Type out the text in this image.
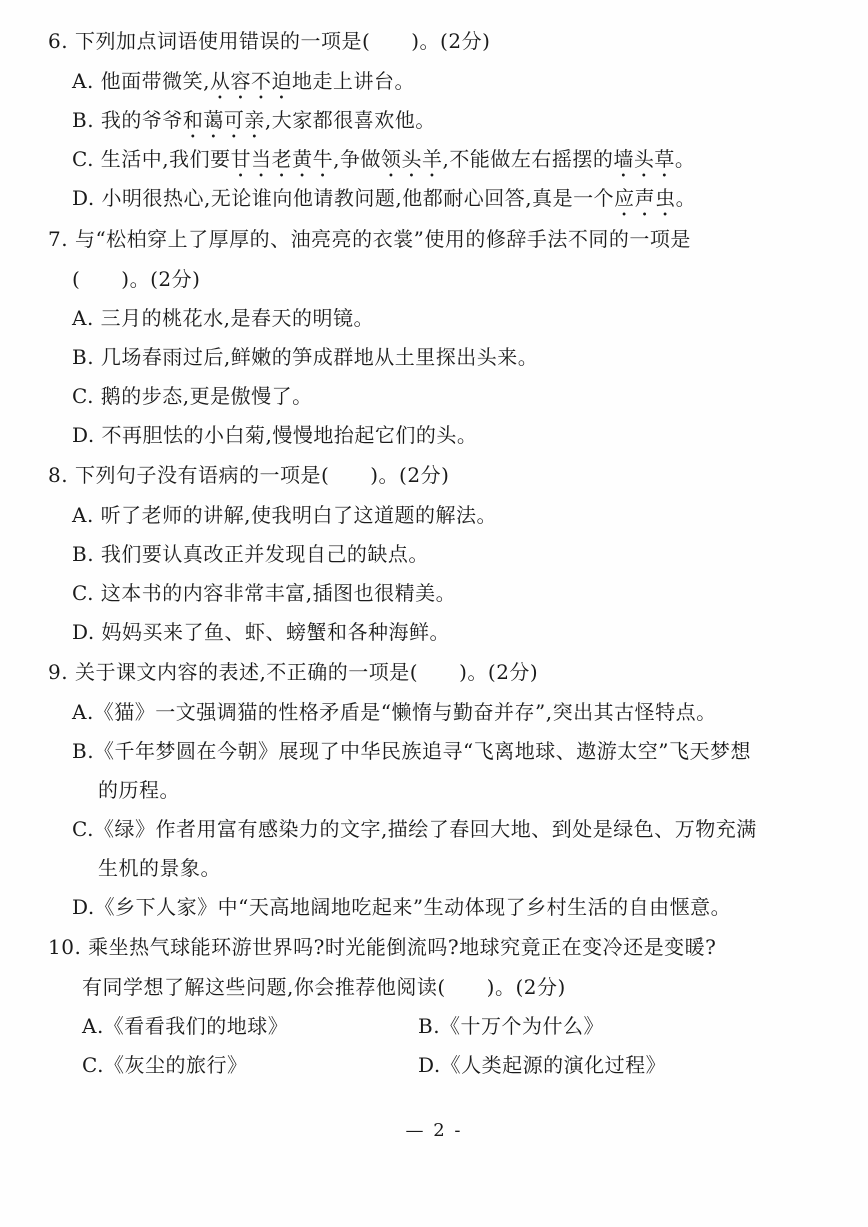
6. 下列加点词语使用错误的一项是(　　)。(2分)
A. 他面带微笑,从容不迫地走上讲台。
B. 我的爷爷和蔼可亲,大家都很喜欢他。
C. 生活中,我们要甘当老黄牛,争做领头羊,不能做左右摇摆的墙头草。
D. 小明很热心,无论谁向他请教问题,他都耐心回答,真是一个应声虫。
7. 与“松柏穿上了厚厚的、油亮亮的衣裳”使用的修辞手法不同的一项是
(　　)。(2分)
A. 三月的桃花水,是春天的明镜。
B. 几场春雨过后,鲜嫩的笋成群地从土里探出头来。
C. 鹅的步态,更是傲慢了。
D. 不再胆怯的小白菊,慢慢地抬起它们的头。
8. 下列句子没有语病的一项是(　　)。(2分)
A. 听了老师的讲解,使我明白了这道题的解法。
B. 我们要认真改正并发现自己的缺点。
C. 这本书的内容非常丰富,插图也很精美。
D. 妈妈买来了鱼、虾、螃蟹和各种海鲜。
9. 关于课文内容的表述,不正确的一项是(　　)。(2分)
A.《猫》一文强调猫的性格矛盾是“懒惰与勤奋并存”,突出其古怪特点。
B.《千年梦圆在今朝》展现了中华民族追寻“飞离地球、遨游太空”飞天梦想
的历程。
C.《绿》作者用富有感染力的文字,描绘了春回大地、到处是绿色、万物充满
生机的景象。
D.《乡下人家》中“天高地阔地吃起来”生动体现了乡村生活的自由惬意。
10. 乘坐热气球能环游世界吗?时光能倒流吗?地球究竟正在变冷还是变暖?
有同学想了解这些问题,你会推荐他阅读(　　)。(2分)
A.《看看我们的地球》	B.《十万个为什么》
C.《灰尘的旅行》	D.《人类起源的演化过程》
— 2 -
